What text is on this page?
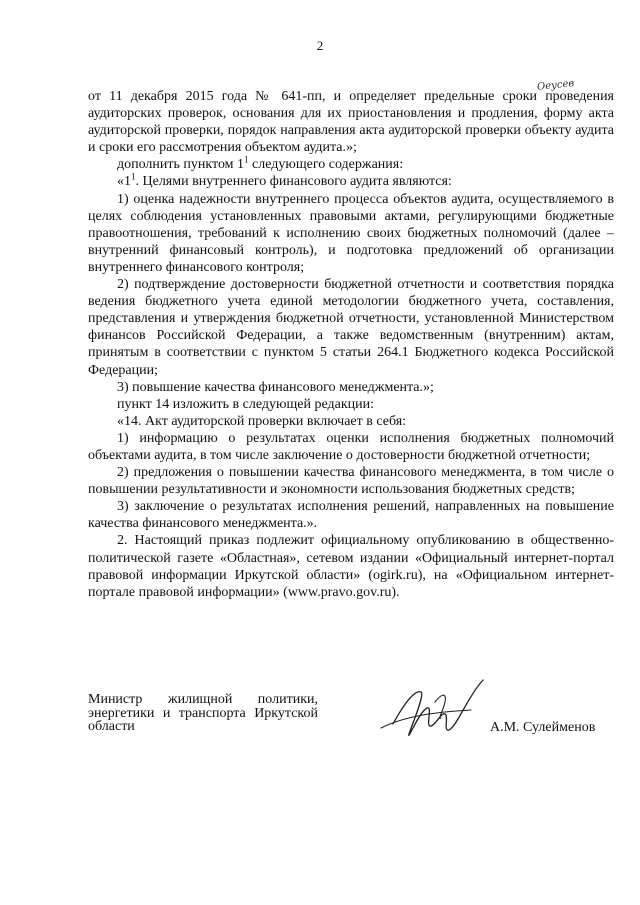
2
Оеусев

от 11 декабря 2015 года № 641-пп, и определяет предельные сроки проведения аудиторских проверок, основания для их приостановления и продления, форму акта аудиторской проверки, порядок направления акта аудиторской проверки объекту аудита и сроки его рассмотрения объектом аудита.»;

дополнить пунктом $1^1$ следующего содержания:

«$1^1$. Целями внутреннего финансового аудита являются:

1) оценка надежности внутреннего процесса объектов аудита, осуществляемого в целях соблюдения установленных правовыми актами, регулирующими бюджетные правоотношения, требований к исполнению своих бюджетных полномочий (далее – внутренний финансовый контроль), и подготовка предложений об организации внутреннего финансового контроля;

2) подтверждение достоверности бюджетной отчетности и соответствия порядка ведения бюджетного учета единой методологии бюджетного учета, составления, представления и утверждения бюджетной отчетности, установленной Министерством финансов Российской Федерации, а также ведомственным (внутренним) актам, принятым в соответствии с пунктом 5 статьи 264.1 Бюджетного кодекса Российской Федерации;

3) повышение качества финансового менеджмента.»;

пункт 14 изложить в следующей редакции:

«14. Акт аудиторской проверки включает в себя:

1) информацию о результатах оценки исполнения бюджетных полномочий объектами аудита, в том числе заключение о достоверности бюджетной отчетности;

2) предложения о повышении качества финансового менеджмента, в том числе о повышении результативности и экономности использования бюджетных средств;

3) заключение о результатах исполнения решений, направленных на повышение качества финансового менеджмента.».

2. Настоящий приказ подлежит официальному опубликованию в общественно-политической газете «Областная», сетевом издании «Официальный интернет-портал правовой информации Иркутской области» (ogirk.ru), на «Официальном интернет-портале правовой информации» (www.pravo.gov.ru).

Министр жилищной политики,
энергетики и транспорта Иркутской
области	А.М. Сулейменов
